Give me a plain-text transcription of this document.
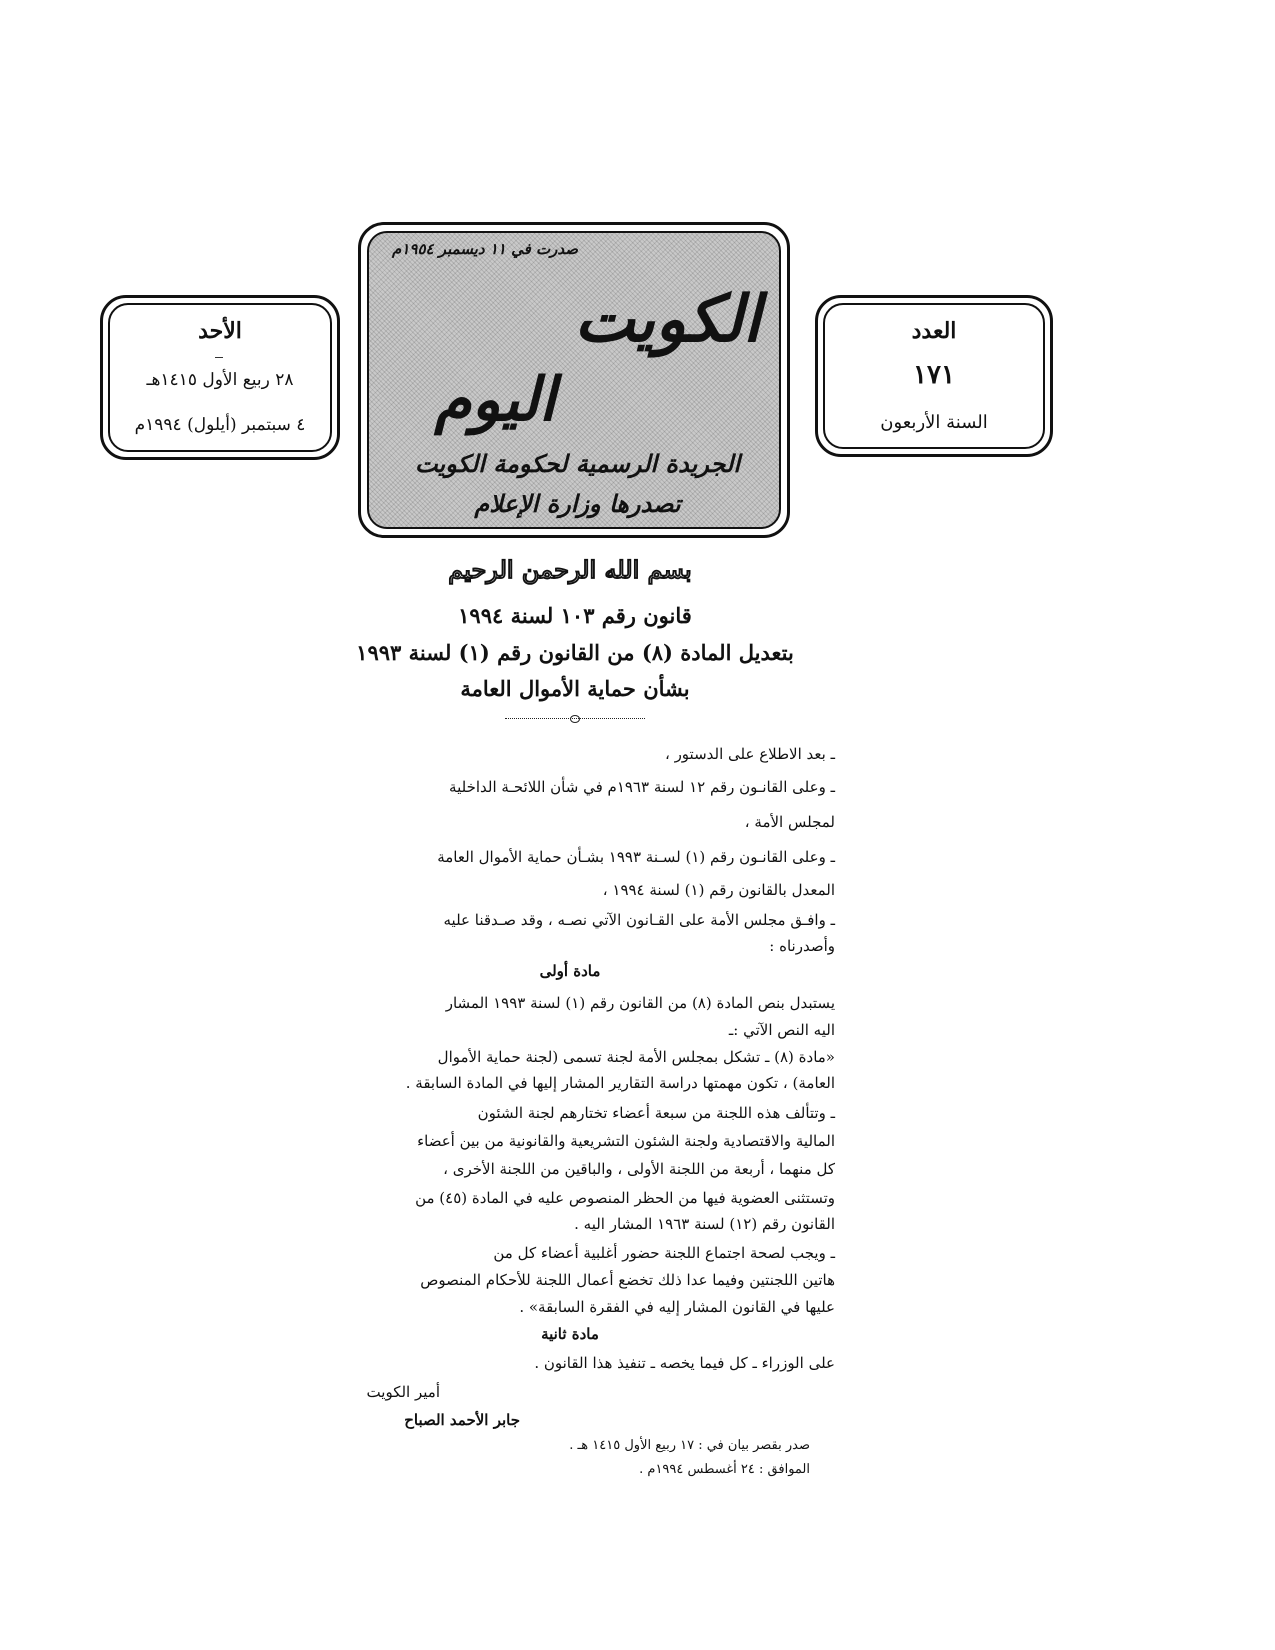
الأحد
٢٨ ربيع الأول ١٤١٥هـ
٤ سبتمبر (أيلول) ١٩٩٤م
صدرت في ١١ ديسمبر ١٩٥٤م
الكويت
اليوم
الجريدة الرسمية لحكومة الكويت
تصدرها وزارة الإعلام
العدد
١٧١
السنة الأربعون
بسم الله الرحمن الرحيم
قانون رقم ١٠٣ لسنة ١٩٩٤
بتعديل المادة (٨) من القانون رقم (١) لسنة ١٩٩٣
بشأن حماية الأموال العامة
ـ بعد الاطلاع على الدستور ،
ـ وعلى القانـون رقم ١٢ لسنة ١٩٦٣م في شأن اللائحـة الداخلية
لمجلس الأمة ،
ـ وعلى القانـون رقم (١) لسـنة ١٩٩٣ بشـأن حماية الأموال العامة
المعدل بالقانون رقم (١) لسنة ١٩٩٤ ،
ـ وافـق مجلس الأمة على القـانون الآتي نصـه ، وقد صـدقنا عليه
وأصدرناه :
مادة أولى
يستبدل بنص المادة (٨) من القانون رقم (١) لسنة ١٩٩٣ المشار
اليه النص الآتي :ـ
«مادة (٨) ـ تشكل بمجلس الأمة لجنة تسمى (لجنة حماية الأموال
العامة) ، تكون مهمتها دراسة التقارير المشار إليها في المادة السابقة .
ـ وتتألف هذه اللجنة من سبعة أعضاء تختارهم لجنة الشئون
المالية والاقتصادية ولجنة الشئون التشريعية والقانونية من بين أعضاء
كل منهما ، أربعة من اللجنة الأولى ، والباقين من اللجنة الأخرى ،
وتستثنى العضوية فيها من الحظر المنصوص عليه في المادة (٤٥) من
القانون رقم (١٢) لسنة ١٩٦٣ المشار اليه .
ـ ويجب لصحة اجتماع اللجنة حضور أغلبية أعضاء كل من
هاتين اللجنتين وفيما عدا ذلك تخضع أعمال اللجنة للأحكام المنصوص
عليها في القانون المشار إليه في الفقرة السابقة» .
مادة ثانية
على الوزراء ـ كل فيما يخصه ـ تنفيذ هذا القانون .
أمير الكويت
جابر الأحمد الصباح
صدر بقصر بيان في : ١٧ ربيع الأول ١٤١٥ هـ .
الموافق : ٢٤ أغسطس ١٩٩٤م .
